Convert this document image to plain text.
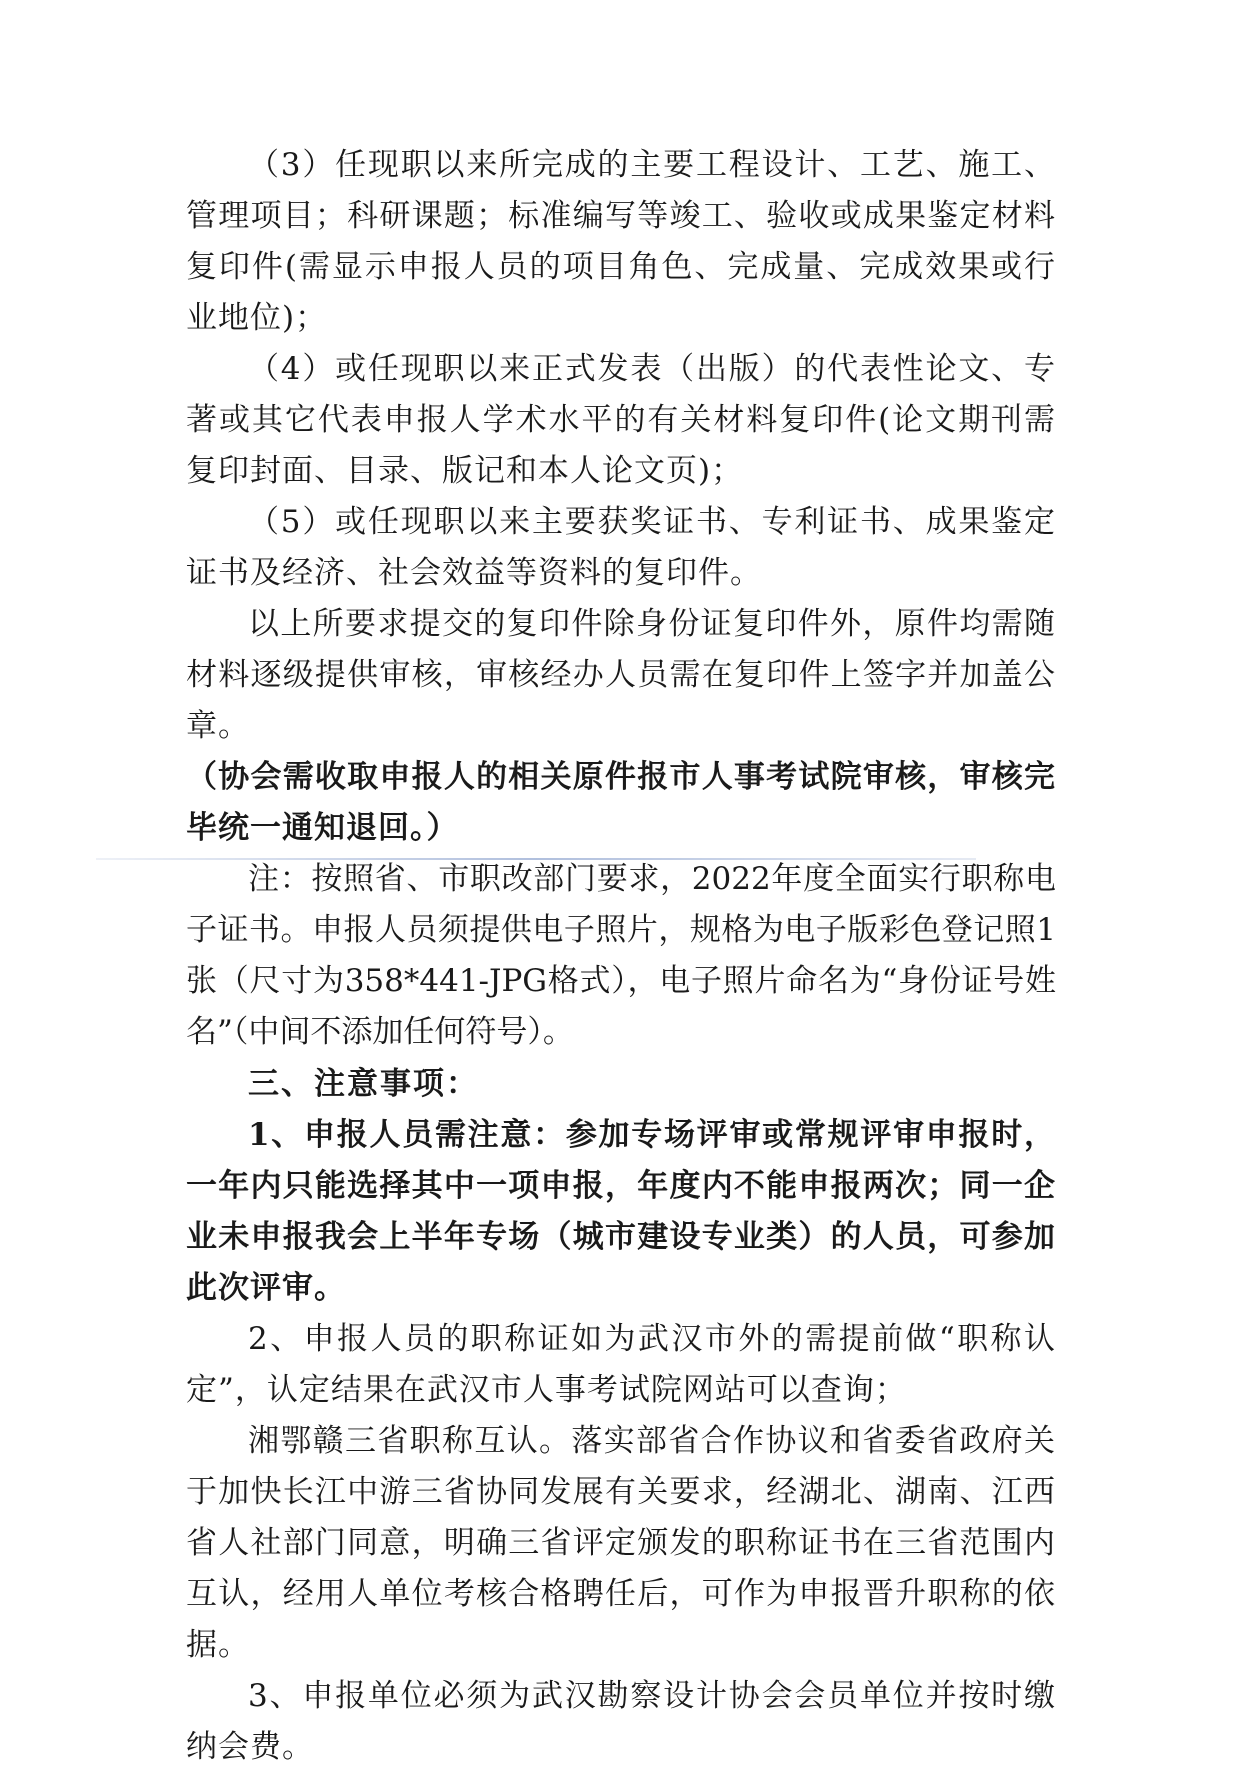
（3）任现职以来所完成的主要工程设计、工艺、施工、管理项目；科研课题；标准编写等竣工、验收或成果鉴定材料复印件(需显示申报人员的项目角色、完成量、完成效果或行业地位)；

（4）或任现职以来正式发表（出版）的代表性论文、专著或其它代表申报人学术水平的有关材料复印件(论文期刊需复印封面、目录、版记和本人论文页)；

（5）或任现职以来主要获奖证书、专利证书、成果鉴定证书及经济、社会效益等资料的复印件。

以上所要求提交的复印件除身份证复印件外，原件均需随材料逐级提供审核，审核经办人员需在复印件上签字并加盖公章。

（协会需收取申报人的相关原件报市人事考试院审核，审核完毕统一通知退回。）

注：按照省、市职改部门要求，2022年度全面实行职称电子证书。申报人员须提供电子照片，规格为电子版彩色登记照1张（尺寸为358*441-JPG格式），电子照片命名为“身份证号姓名”（中间不添加任何符号）。

三、注意事项：

1、申报人员需注意：参加专场评审或常规评审申报时，一年内只能选择其中一项申报，年度内不能申报两次；同一企业未申报我会上半年专场（城市建设专业类）的人员，可参加此次评审。

2、申报人员的职称证如为武汉市外的需提前做“职称认定”，认定结果在武汉市人事考试院网站可以查询；

湘鄂赣三省职称互认。落实部省合作协议和省委省政府关于加快长江中游三省协同发展有关要求，经湖北、湖南、江西省人社部门同意，明确三省评定颁发的职称证书在三省范围内互认，经用人单位考核合格聘任后，可作为申报晋升职称的依据。

3、申报单位必须为武汉勘察设计协会会员单位并按时缴纳会费。
